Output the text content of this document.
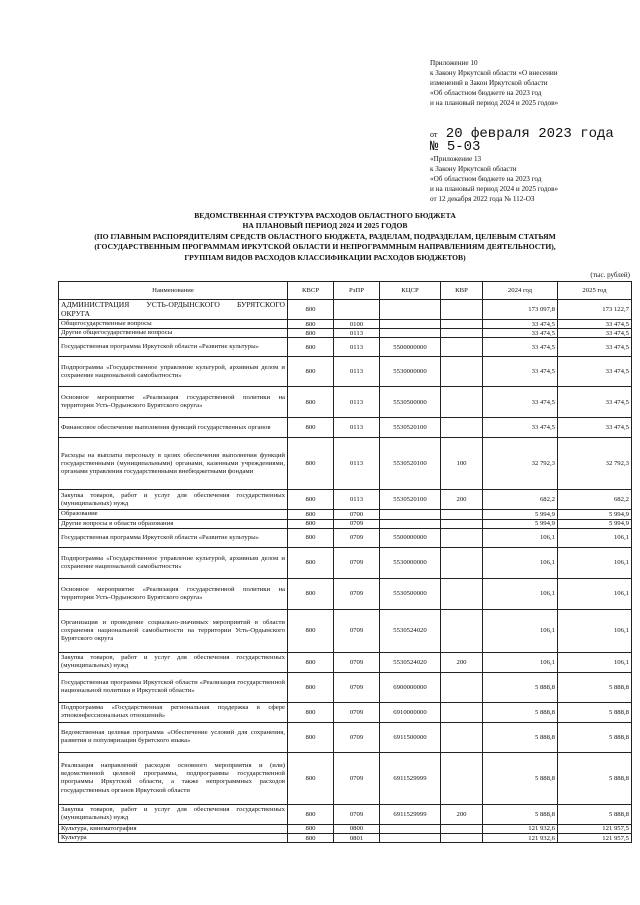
Приложение 10
к Закону Иркутской области «О внесении
изменений в Закон Иркутской области
«Об областном бюджете на 2023 год
и на плановый период 2024 и 2025 годов»
от 20 февраля 2023 года
№ 5-03
«Приложение 13
к Закону Иркутской области
«Об областном бюджете на 2023 год
и на плановый период 2024 и 2025 годов»
от 12 декабря 2022 года № 112-ОЗ
ВЕДОМСТВЕННАЯ СТРУКТУРА РАСХОДОВ ОБЛАСТНОГО БЮДЖЕТА
НА ПЛАНОВЫЙ ПЕРИОД 2024 И 2025 ГОДОВ
(ПО ГЛАВНЫМ РАСПОРЯДИТЕЛЯМ СРЕДСТВ ОБЛАСТНОГО БЮДЖЕТА, РАЗДЕЛАМ, ПОДРАЗДЕЛАМ, ЦЕЛЕВЫМ СТАТЬЯМ
(ГОСУДАРСТВЕННЫМ ПРОГРАММАМ ИРКУТСКОЙ ОБЛАСТИ И НЕПРОГРАММНЫМ НАПРАВЛЕНИЯМ ДЕЯТЕЛЬНОСТИ),
ГРУППАМ ВИДОВ РАСХОДОВ КЛАССИФИКАЦИИ РАСХОДОВ БЮДЖЕТОВ)
(тыс. рублей)
Наименование	КВСР	РзПР	КЦСР	КВР	2024 год	2025 год
АДМИНИСТРАЦИЯ УСТЬ-ОРДЫНСКОГО БУРЯТСКОГО ОКРУГА	800				173 097,8	173 122,7
Общегосударственные вопросы	800	0100			33 474,5	33 474,5
Другие общегосударственные вопросы	800	0113			33 474,5	33 474,5
Государственная программа Иркутской области «Развитие культуры»	800	0113	5500000000		33 474,5	33 474,5
Подпрограмма «Государственное управление культурой, архивным делом и сохранение национальной самобытности»	800	0113	5530000000		33 474,5	33 474,5
Основное мероприятие «Реализация государственной политики на территории Усть-Ордынского Бурятского округа»	800	0113	5530500000		33 474,5	33 474,5
Финансовое обеспечение выполнения функций государственных органов	800	0113	5530520100		33 474,5	33 474,5
Расходы на выплаты персоналу в целях обеспечения выполнения функций государственными (муниципальными) органами, казенными учреждениями, органами управления государственными внебюджетными фондами	800	0113	5530520100	100	32 792,3	32 792,3
Закупка товаров, работ и услуг для обеспечения государственных (муниципальных) нужд	800	0113	5530520100	200	682,2	682,2
Образование	800	0700			5 994,9	5 994,9
Другие вопросы в области образования	800	0709			5 994,9	5 994,9
Государственная программа Иркутской области «Развитие культуры»	800	0709	5500000000		106,1	106,1
Подпрограмма «Государственное управление культурой, архивным делом и сохранение национальной самобытности»	800	0709	5530000000		106,1	106,1
Основное мероприятие «Реализация государственной политики на территории Усть-Ордынского Бурятского округа»	800	0709	5530500000		106,1	106,1
Организация и проведение социально-значимых мероприятий в области сохранения национальной самобытности на территории Усть-Ордынского Бурятского округа	800	0709	5530524020		106,1	106,1
Закупка товаров, работ и услуг для обеспечения государственных (муниципальных) нужд	800	0709	5530524020	200	106,1	106,1
Государственная программа Иркутской области «Реализация государственной национальной политики в Иркутской области»	800	0709	6900000000		5 888,8	5 888,8
Подпрограмма «Государственная региональная поддержка в сфере этноконфессиональных отношений»	800	0709	6910000000		5 888,8	5 888,8
Ведомственная целевая программа «Обеспечение условий для сохранения, развития и популяризации бурятского языка»	800	0709	6911500000		5 888,8	5 888,8
Реализация направлений расходов основного мероприятия и (или) ведомственной целевой программы, подпрограммы государственной программы Иркутской области, а также непрограммных расходов государственных органов Иркутской области	800	0709	6911529999		5 888,8	5 888,8
Закупка товаров, работ и услуг для обеспечения государственных (муниципальных) нужд	800	0709	6911529999	200	5 888,8	5 888,8
Культура, кинематография	800	0800			121 932,6	121 957,5
Культура	800	0801			121 932,6	121 957,5
